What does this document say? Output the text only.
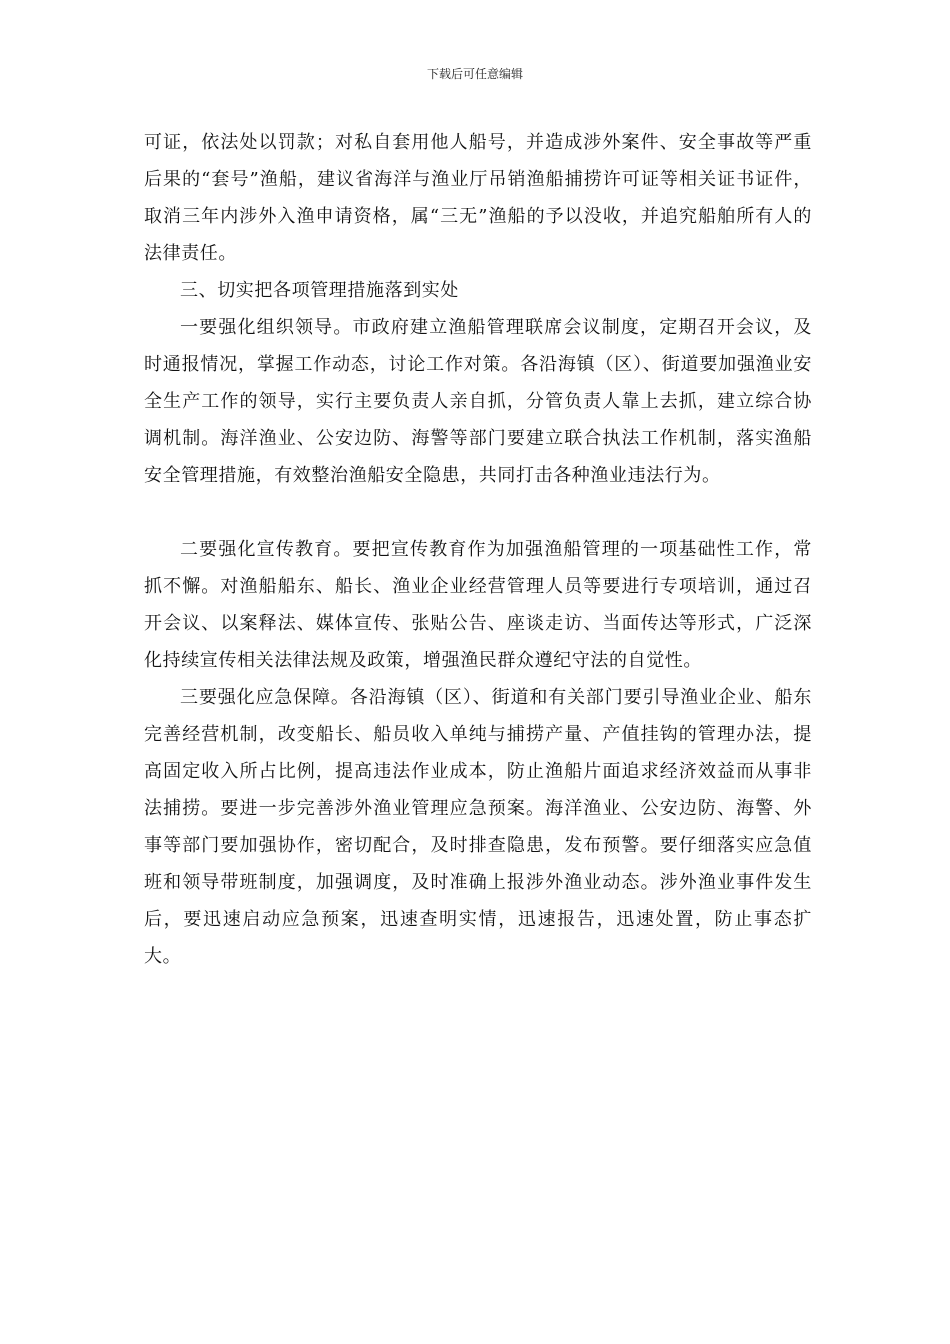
下载后可任意编辑

可证，依法处以罚款；对私自套用他人船号，并造成涉外案件、安全事故等严重后果的“套号”渔船，建议省海洋与渔业厅吊销渔船捕捞许可证等相关证书证件，取消三年内涉外入渔申请资格，属“三无”渔船的予以没收，并追究船舶所有人的法律责任。

三、切实把各项管理措施落到实处

一要强化组织领导。市政府建立渔船管理联席会议制度，定期召开会议，及时通报情况，掌握工作动态，讨论工作对策。各沿海镇（区）、街道要加强渔业安全生产工作的领导，实行主要负责人亲自抓，分管负责人靠上去抓，建立综合协调机制。海洋渔业、公安边防、海警等部门要建立联合执法工作机制，落实渔船安全管理措施，有效整治渔船安全隐患，共同打击各种渔业违法行为。

二要强化宣传教育。要把宣传教育作为加强渔船管理的一项基础性工作，常抓不懈。对渔船船东、船长、渔业企业经营管理人员等要进行专项培训，通过召开会议、以案释法、媒体宣传、张贴公告、座谈走访、当面传达等形式，广泛深化持续宣传相关法律法规及政策，增强渔民群众遵纪守法的自觉性。

三要强化应急保障。各沿海镇（区）、街道和有关部门要引导渔业企业、船东完善经营机制，改变船长、船员收入单纯与捕捞产量、产值挂钩的管理办法，提高固定收入所占比例，提高违法作业成本，防止渔船片面追求经济效益而从事非法捕捞。要进一步完善涉外渔业管理应急预案。海洋渔业、公安边防、海警、外事等部门要加强协作，密切配合，及时排查隐患，发布预警。要仔细落实应急值班和领导带班制度，加强调度，及时准确上报涉外渔业动态。涉外渔业事件发生后，要迅速启动应急预案，迅速查明实情，迅速报告，迅速处置，防止事态扩大。
